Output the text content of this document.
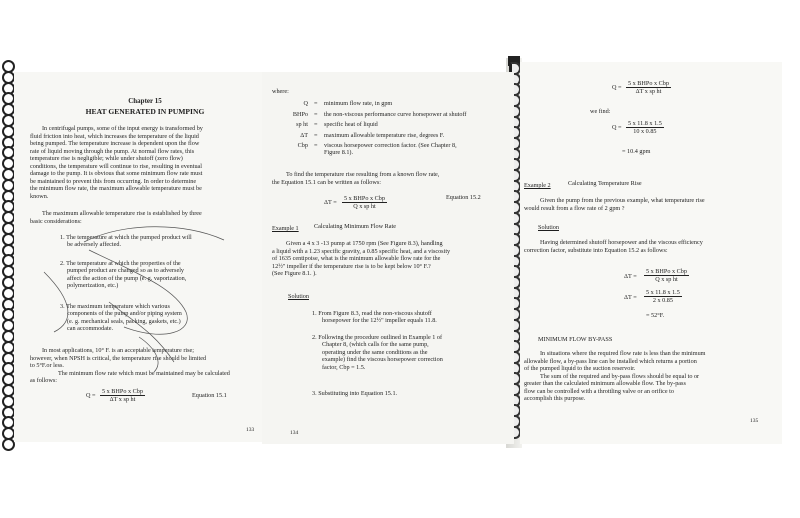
Chapter 15
HEAT GENERATED IN PUMPING
In centrifugal pumps, some of the input energy is transformed by
fluid friction into heat, which increases the temperature of the liquid
being pumped. The temperature increase is dependent upon the flow
rate of liquid moving through the pump. At normal flow rates, this
temperature rise is negligible; while under shutoff (zero flow)
conditions, the temperature will continue to rise, resulting in eventual
damage to the pump. It is obvious that some minimum flow rate must
be maintained to prevent this from occurring. In order to determine
the minimum flow rate, the maximum allowable temperature must be
known.
The maximum allowable temperature rise is established by three
basic considerations:
1. The temperature at which the pumped product will
be adversely affected.
2. The temperature at which the properties of the
pumped product are changed so as to adversely
affect the action of the pump (e. g. vaporization,
polymerization, etc.)
3. The maximum temperature which various
components of the pump and/or piping system
(e. g. mechanical seals, packing, gaskets, etc.)
can accommodate.
In most applications, 10° F. is an acceptable temperature rise;
however, when NPSH is critical, the temperature rise should be limited
to 5°F.or less.
The minimum flow rate which must be maintained may be calculated
as follows:
Q =
5 x BHPo x Cbp
ΔT x sp ht
Equation 15.1
133
where:
Q = minimum flow rate, in gpm
BHPo = the non-viscous performance curve horsepower at shutoff
sp ht = specific heat of liquid
ΔT = maximum allowable temperature rise, degrees F.
Cbp = viscous horsepower correction factor. (See Chapter 8,
Figure 8.1).
To find the temperature rise resulting from a known flow rate,
the Equation 15.1 can be written as follows:
ΔT =
5 x BHPo x Cbp
Q x sp ht
Equation 15.2
Example 1 Calculating Minimum Flow Rate
Given a 4 x 3 -13 pump at 1750 rpm (See Figure 8.3), handling
a liquid with a 1.23 specific gravity, a 0.85 specific heat, and a viscosity
of 1635 centipoise, what is the minimum allowable flow rate for the
12½" impeller if the temperature rise is to be kept below 10° F.?
(See Figure 8.1. ).
Solution
1. From Figure 8.3, read the non-viscous shutoff
horsepower for the 12½" impeller equals 11.8.
2. Following the procedure outlined in Example 1 of
Chapter 8, (which calls for the same pump,
operating under the same conditions as the
example) find the viscous horsepower correction
factor, Cbp = 1.5.
3. Substituting into Equation 15.1.
134
Q =
5 x BHPo x Cbp
ΔT x sp ht
we find:
$Q = \frac{5 x 11.8 x 1.5}{10 x 0.85}$
= 10.4 gpm
Example 2	Calculating Temperature Rise
Given the pump from the previous example, what temperature rise
would result from a flow rate of 2 gpm ?
Solution
Having determined shutoff horsepower and the viscous efficiency
correction factor, substitute into Equation 15.2 as follows:
ΔT =
5 x BHPo x Cbp
Q x sp ht
$\Delta T = \frac{5 x 11.8 x 1.5}{2 x 0.85}$
= 52°F.
MINIMUM FLOW BY-PASS
In situations where the required flow rate is less than the minimum
allowable flow, a by-pass line can be installed which returns a portion
of the pumped liquid to the suction reservoir.
The sum of the required and by-pass flows should be equal to or
greater than the calculated minimum allowable flow. The by-pass
flow can be controlled with a throttling valve or an orifice to
accomplish this purpose.
135
